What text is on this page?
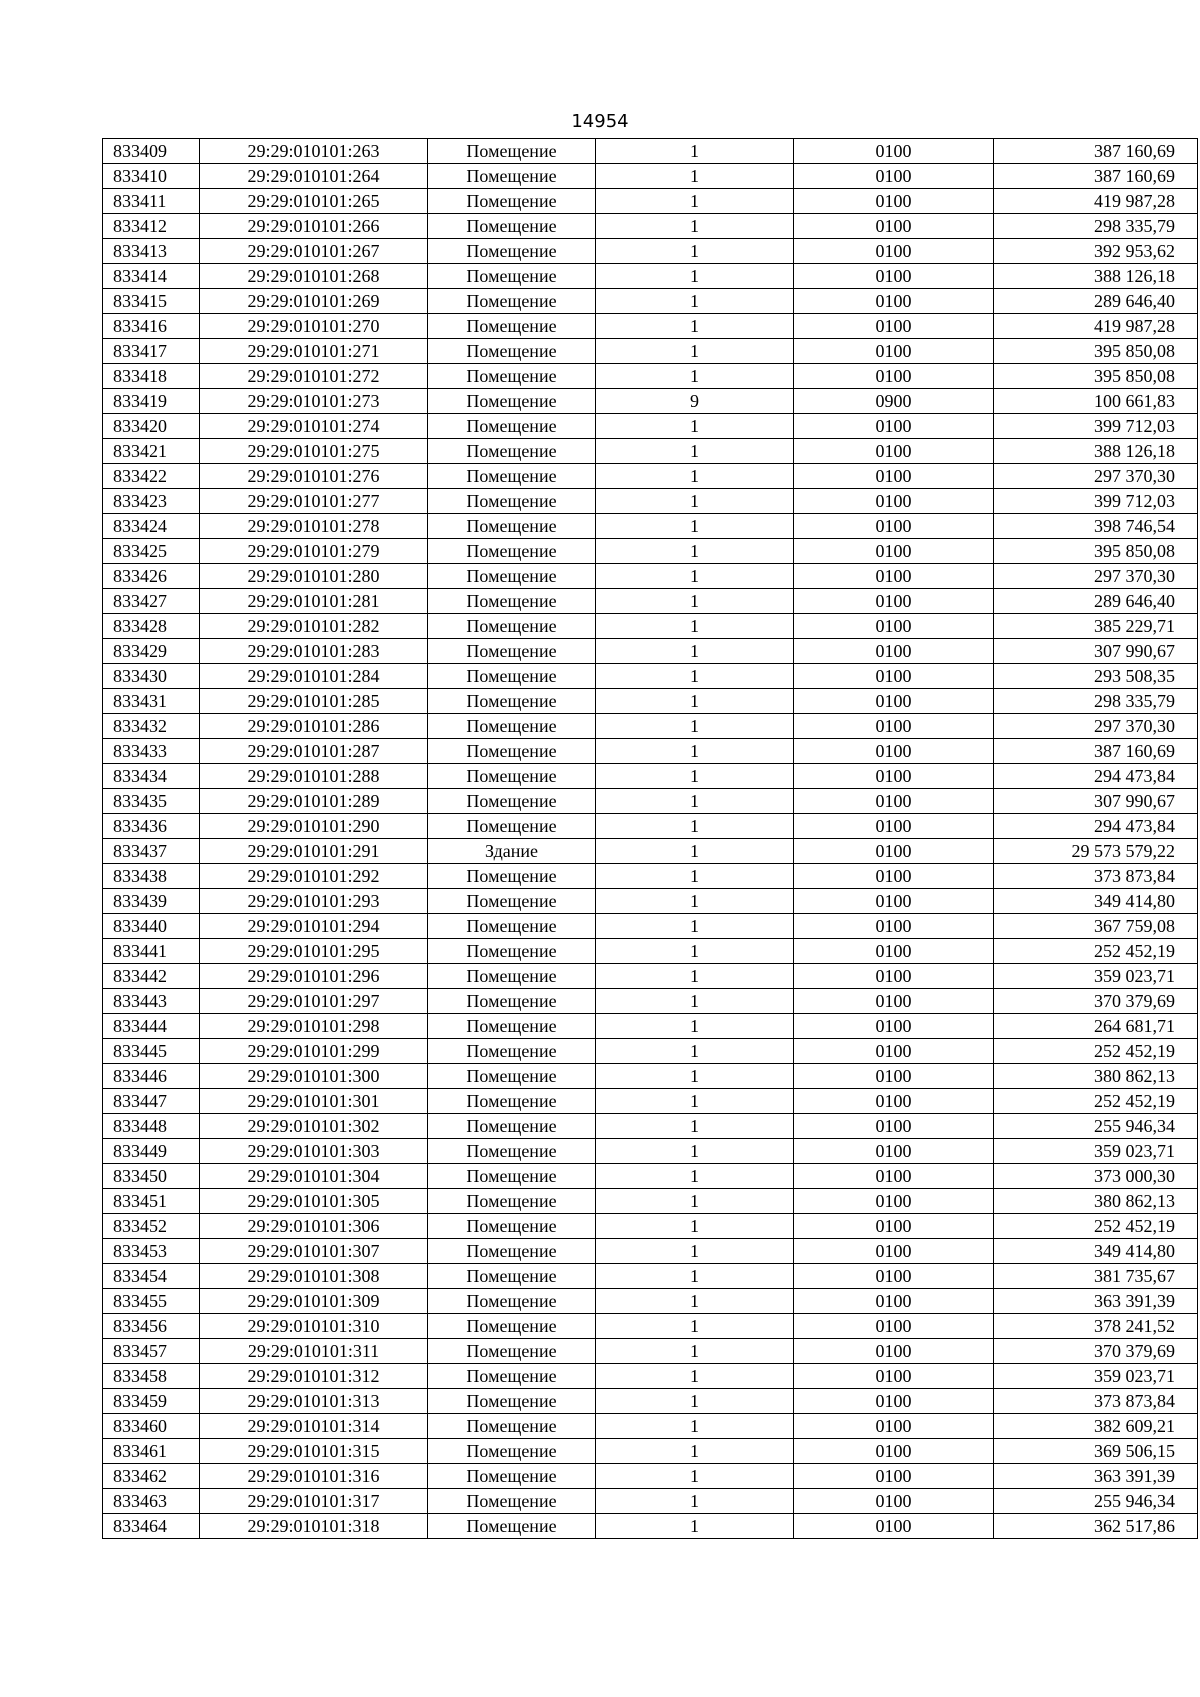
14954
833409	29:29:010101:263	Помещение	1	0100	387 160,69
833410	29:29:010101:264	Помещение	1	0100	387 160,69
833411	29:29:010101:265	Помещение	1	0100	419 987,28
833412	29:29:010101:266	Помещение	1	0100	298 335,79
833413	29:29:010101:267	Помещение	1	0100	392 953,62
833414	29:29:010101:268	Помещение	1	0100	388 126,18
833415	29:29:010101:269	Помещение	1	0100	289 646,40
833416	29:29:010101:270	Помещение	1	0100	419 987,28
833417	29:29:010101:271	Помещение	1	0100	395 850,08
833418	29:29:010101:272	Помещение	1	0100	395 850,08
833419	29:29:010101:273	Помещение	9	0900	100 661,83
833420	29:29:010101:274	Помещение	1	0100	399 712,03
833421	29:29:010101:275	Помещение	1	0100	388 126,18
833422	29:29:010101:276	Помещение	1	0100	297 370,30
833423	29:29:010101:277	Помещение	1	0100	399 712,03
833424	29:29:010101:278	Помещение	1	0100	398 746,54
833425	29:29:010101:279	Помещение	1	0100	395 850,08
833426	29:29:010101:280	Помещение	1	0100	297 370,30
833427	29:29:010101:281	Помещение	1	0100	289 646,40
833428	29:29:010101:282	Помещение	1	0100	385 229,71
833429	29:29:010101:283	Помещение	1	0100	307 990,67
833430	29:29:010101:284	Помещение	1	0100	293 508,35
833431	29:29:010101:285	Помещение	1	0100	298 335,79
833432	29:29:010101:286	Помещение	1	0100	297 370,30
833433	29:29:010101:287	Помещение	1	0100	387 160,69
833434	29:29:010101:288	Помещение	1	0100	294 473,84
833435	29:29:010101:289	Помещение	1	0100	307 990,67
833436	29:29:010101:290	Помещение	1	0100	294 473,84
833437	29:29:010101:291	Здание	1	0100	29 573 579,22
833438	29:29:010101:292	Помещение	1	0100	373 873,84
833439	29:29:010101:293	Помещение	1	0100	349 414,80
833440	29:29:010101:294	Помещение	1	0100	367 759,08
833441	29:29:010101:295	Помещение	1	0100	252 452,19
833442	29:29:010101:296	Помещение	1	0100	359 023,71
833443	29:29:010101:297	Помещение	1	0100	370 379,69
833444	29:29:010101:298	Помещение	1	0100	264 681,71
833445	29:29:010101:299	Помещение	1	0100	252 452,19
833446	29:29:010101:300	Помещение	1	0100	380 862,13
833447	29:29:010101:301	Помещение	1	0100	252 452,19
833448	29:29:010101:302	Помещение	1	0100	255 946,34
833449	29:29:010101:303	Помещение	1	0100	359 023,71
833450	29:29:010101:304	Помещение	1	0100	373 000,30
833451	29:29:010101:305	Помещение	1	0100	380 862,13
833452	29:29:010101:306	Помещение	1	0100	252 452,19
833453	29:29:010101:307	Помещение	1	0100	349 414,80
833454	29:29:010101:308	Помещение	1	0100	381 735,67
833455	29:29:010101:309	Помещение	1	0100	363 391,39
833456	29:29:010101:310	Помещение	1	0100	378 241,52
833457	29:29:010101:311	Помещение	1	0100	370 379,69
833458	29:29:010101:312	Помещение	1	0100	359 023,71
833459	29:29:010101:313	Помещение	1	0100	373 873,84
833460	29:29:010101:314	Помещение	1	0100	382 609,21
833461	29:29:010101:315	Помещение	1	0100	369 506,15
833462	29:29:010101:316	Помещение	1	0100	363 391,39
833463	29:29:010101:317	Помещение	1	0100	255 946,34
833464	29:29:010101:318	Помещение	1	0100	362 517,86
